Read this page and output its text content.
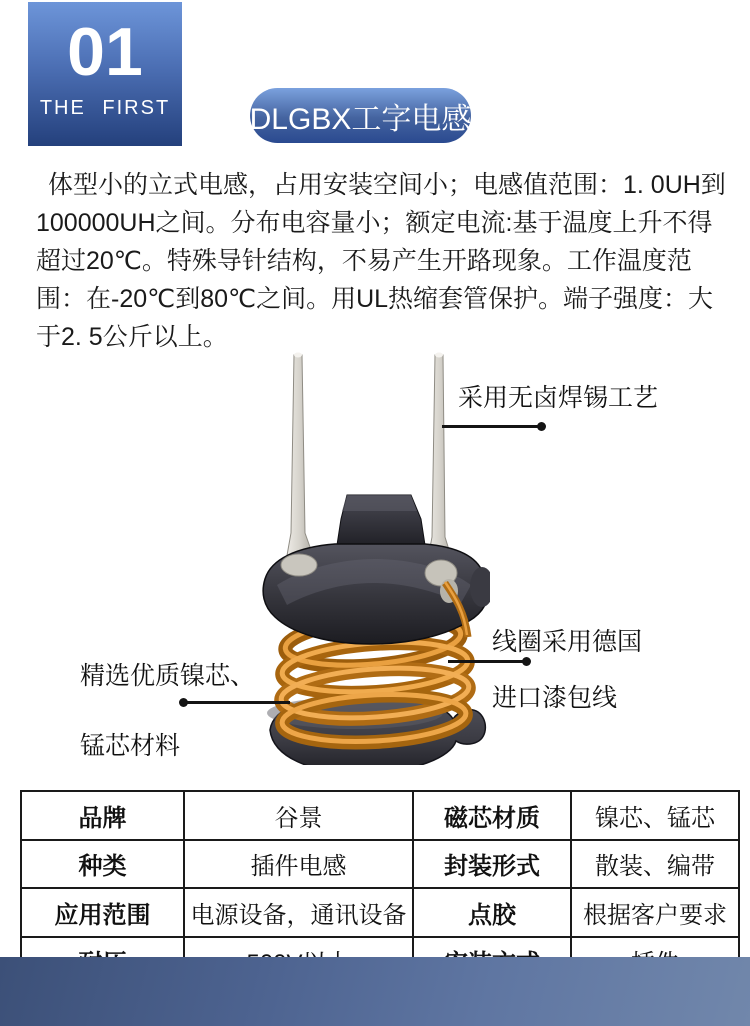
01
THE FIRST	DLGBX工字电感
体型小的立式电感，占用安装空间小；电感值范围：1. 0UH到
100000UH之间。分布电容量小；额定电流:基于温度上升不得
超过20℃。特殊导针结构，不易产生开路现象。工作温度范
围：在-20℃到80℃之间。用UL热缩套管保护。端子强度：大
于2. 5公斤以上。
采用无卤焊锡工艺
线圈采用德国
进口漆包线
精选优质镍芯、
锰芯材料
品牌	谷景	磁芯材质	镍芯、锰芯
种类	插件电感	封装形式	散装、编带
应用范围	电源设备，通讯设备	点胶	根据客户要求
